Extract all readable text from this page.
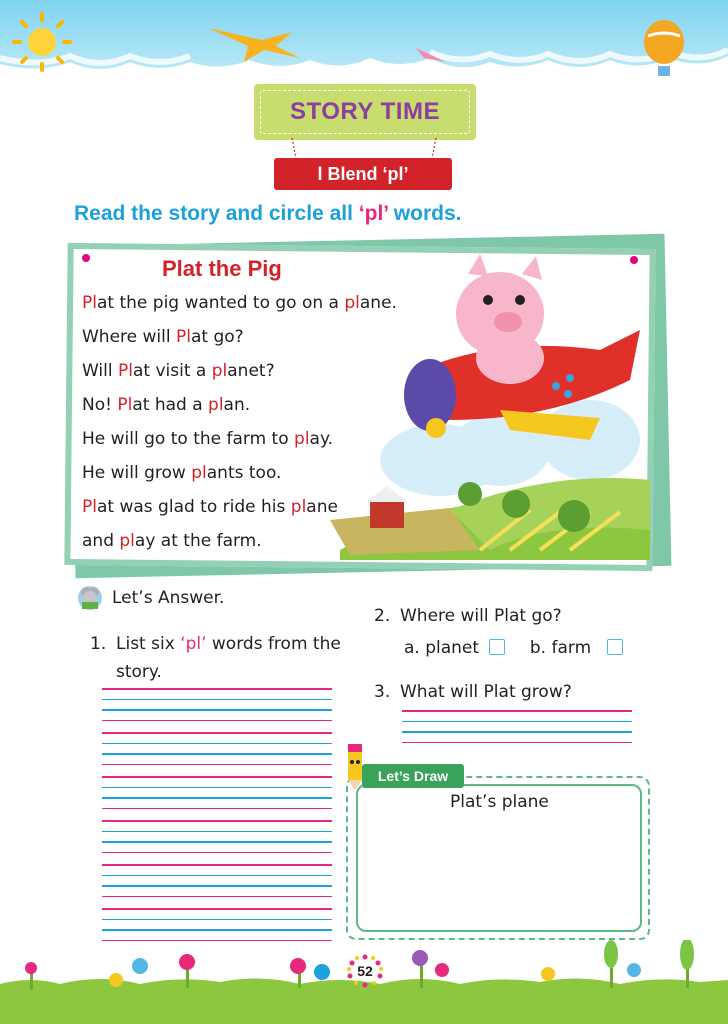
STORY TIME
l Blend ‘pl’
Read the story and circle all ‘pl’ words.
Plat the Pig
Plat the pig wanted to go on a plane.
Where will Plat go?
Will Plat visit a planet?
No! Plat had a plan.
He will go to the farm to play.
He will grow plants too.
Plat was glad to ride his plane
and play at the farm.
Let’s Answer.
1. List six ‘pl’ words from the
story.
2. Where will Plat go?
a. planet	b. farm
3. What will Plat grow?
Let’s Draw
Plat’s plane
52
